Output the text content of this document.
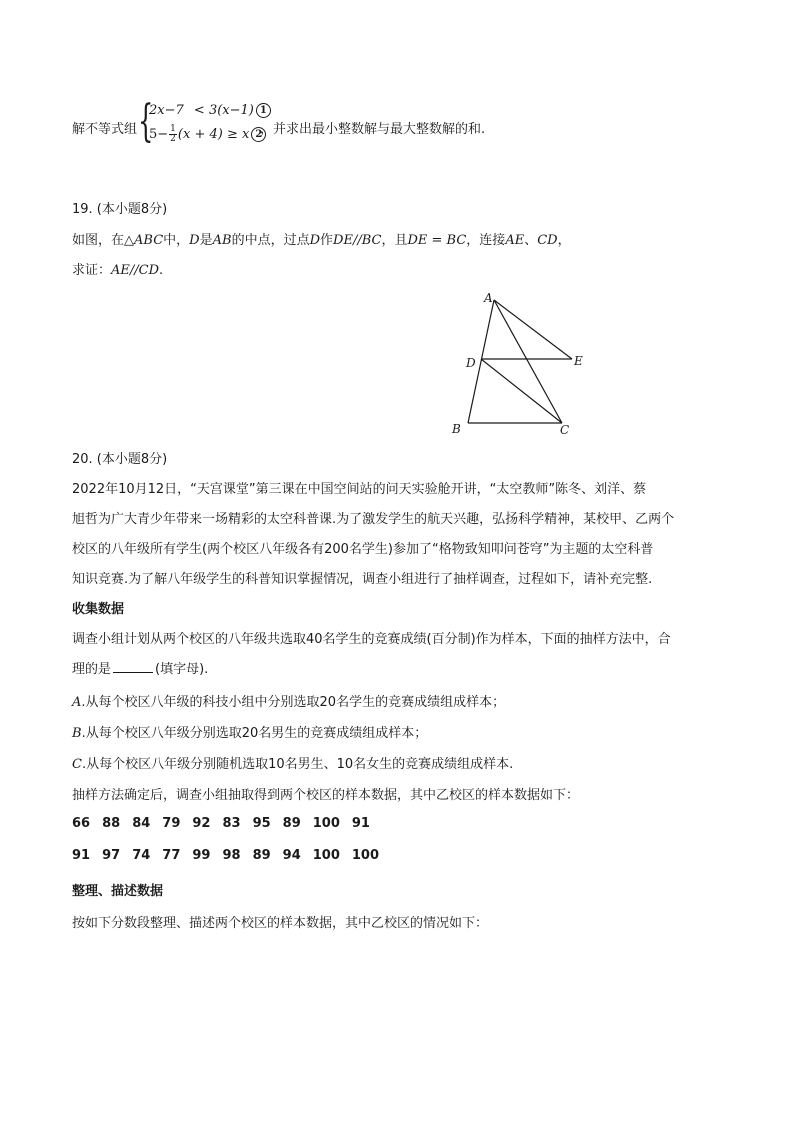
解不等式组 {
2x−7 < 3(x−1) 1
$5- \frac{1}{2} (x + 4) \ge x$ 2
，并求出最小整数解与最大整数解的和.
19. (本小题8分)
如图，在△ABC中，D是AB的中点，过点D作DE//BC，且DE = BC，连接AE、CD，
求证：AE//CD.
A
D	E
B	C
20. (本小题8分)
2022年10月12日，“天宫课堂”第三课在中国空间站的问天实验舱开讲，“太空教师”陈冬、刘洋、蔡
旭哲为广大青少年带来一场精彩的太空科普课.为了激发学生的航天兴趣，弘扬科学精神，某校甲、乙两个
校区的八年级所有学生(两个校区八年级各有200名学生)参加了“格物致知叩问苍穹”为主题的太空科普
知识竞赛.为了解八年级学生的科普知识掌握情况，调查小组进行了抽样调查，过程如下，请补充完整.
收集数据
调查小组计划从两个校区的八年级共选取40名学生的竞赛成绩(百分制)作为样本，下面的抽样方法中，合
理的是	(填字母).
A.从每个校区八年级的科技小组中分别选取20名学生的竞赛成绩组成样本；
B.从每个校区八年级分别选取20名男生的竞赛成绩组成样本；
C.从每个校区八年级分别随机选取10名男生、10名女生的竞赛成绩组成样本.
抽样方法确定后，调查小组抽取得到两个校区的样本数据，其中乙校区的样本数据如下：
66 88 84 79 92 83 95 89 100 91
91 97 74 77 99 98 89 94 100 100
整理、描述数据
按如下分数段整理、描述两个校区的样本数据，其中乙校区的情况如下：
